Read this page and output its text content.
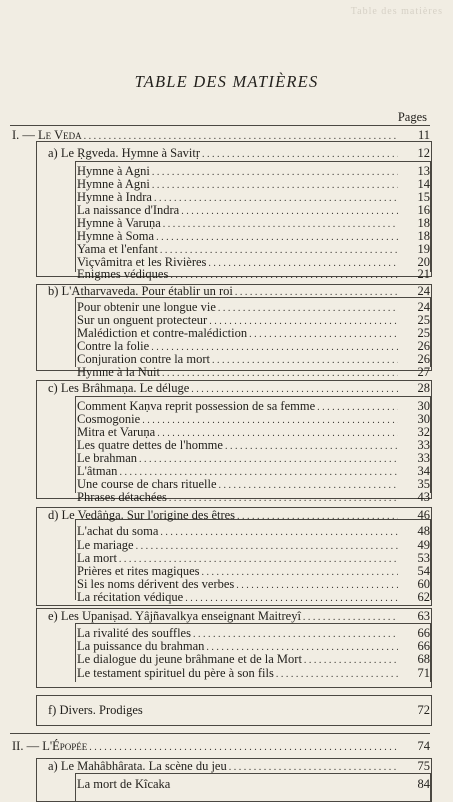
Table des matières
TABLE DES MATIÈRES
Pages
I. — Le Veda . . .	11
a) Le Ṛgveda. Hymne à Savitṛ . . .	12
Hymne à Agni . . .	13
Hymne à Agni . . .	14
Hymne à Indra . . .	15
La naissance d'Indra . . .	16
Hymne à Varuṇa . . .	18
Hymne à Soma . . .	18
Yama et l'enfant . . .	19
Viçvâmitra et les Rivières . . .	20
Enigmes védiques . . .	21
b) L'Atharvaveda. Pour établir un roi . . .	24
Pour obtenir une longue vie . . .	24
Sur un onguent protecteur . . .	25
Malédiction et contre-malédiction . . .	25
Contre la folie . . .	26
Conjuration contre la mort . . .	26
Hymne à la Nuit . . .	27
c) Les Brâhmaṇa. Le déluge . . .	28
Comment Kaṇva reprit possession de sa femme . . .	30
Cosmogonie . . .	30
Mitra et Varuṇa . . .	32
Les quatre dettes de l'homme . . .	33
Le brahman . . .	33
L'âtman . . .	34
Une course de chars rituelle . . .	35
Phrases détachées . . .	43
d) Le Vedâṅga. Sur l'origine des êtres . . .	46
L'achat du soma . . .	48
Le mariage . . .	49
La mort . . .	53
Prières et rites magiques . . .	54
Si les noms dérivent des verbes . . .	60
La récitation védique . . .	62
e) Les Upaniṣad. Yâjñavalkya enseignant Maitreyî . . .	63
La rivalité des souffles . . .	66
La puissance du brahman . . .	66
Le dialogue du jeune brâhmane et de la Mort . . .	68
Le testament spirituel du père à son fils . . .	71
f) Divers. Prodiges	72
II. — L'Épopée . . .	74
a) Le Mahâbhârata. La scène du jeu . . .	75
La mort de Kîcaka	84
